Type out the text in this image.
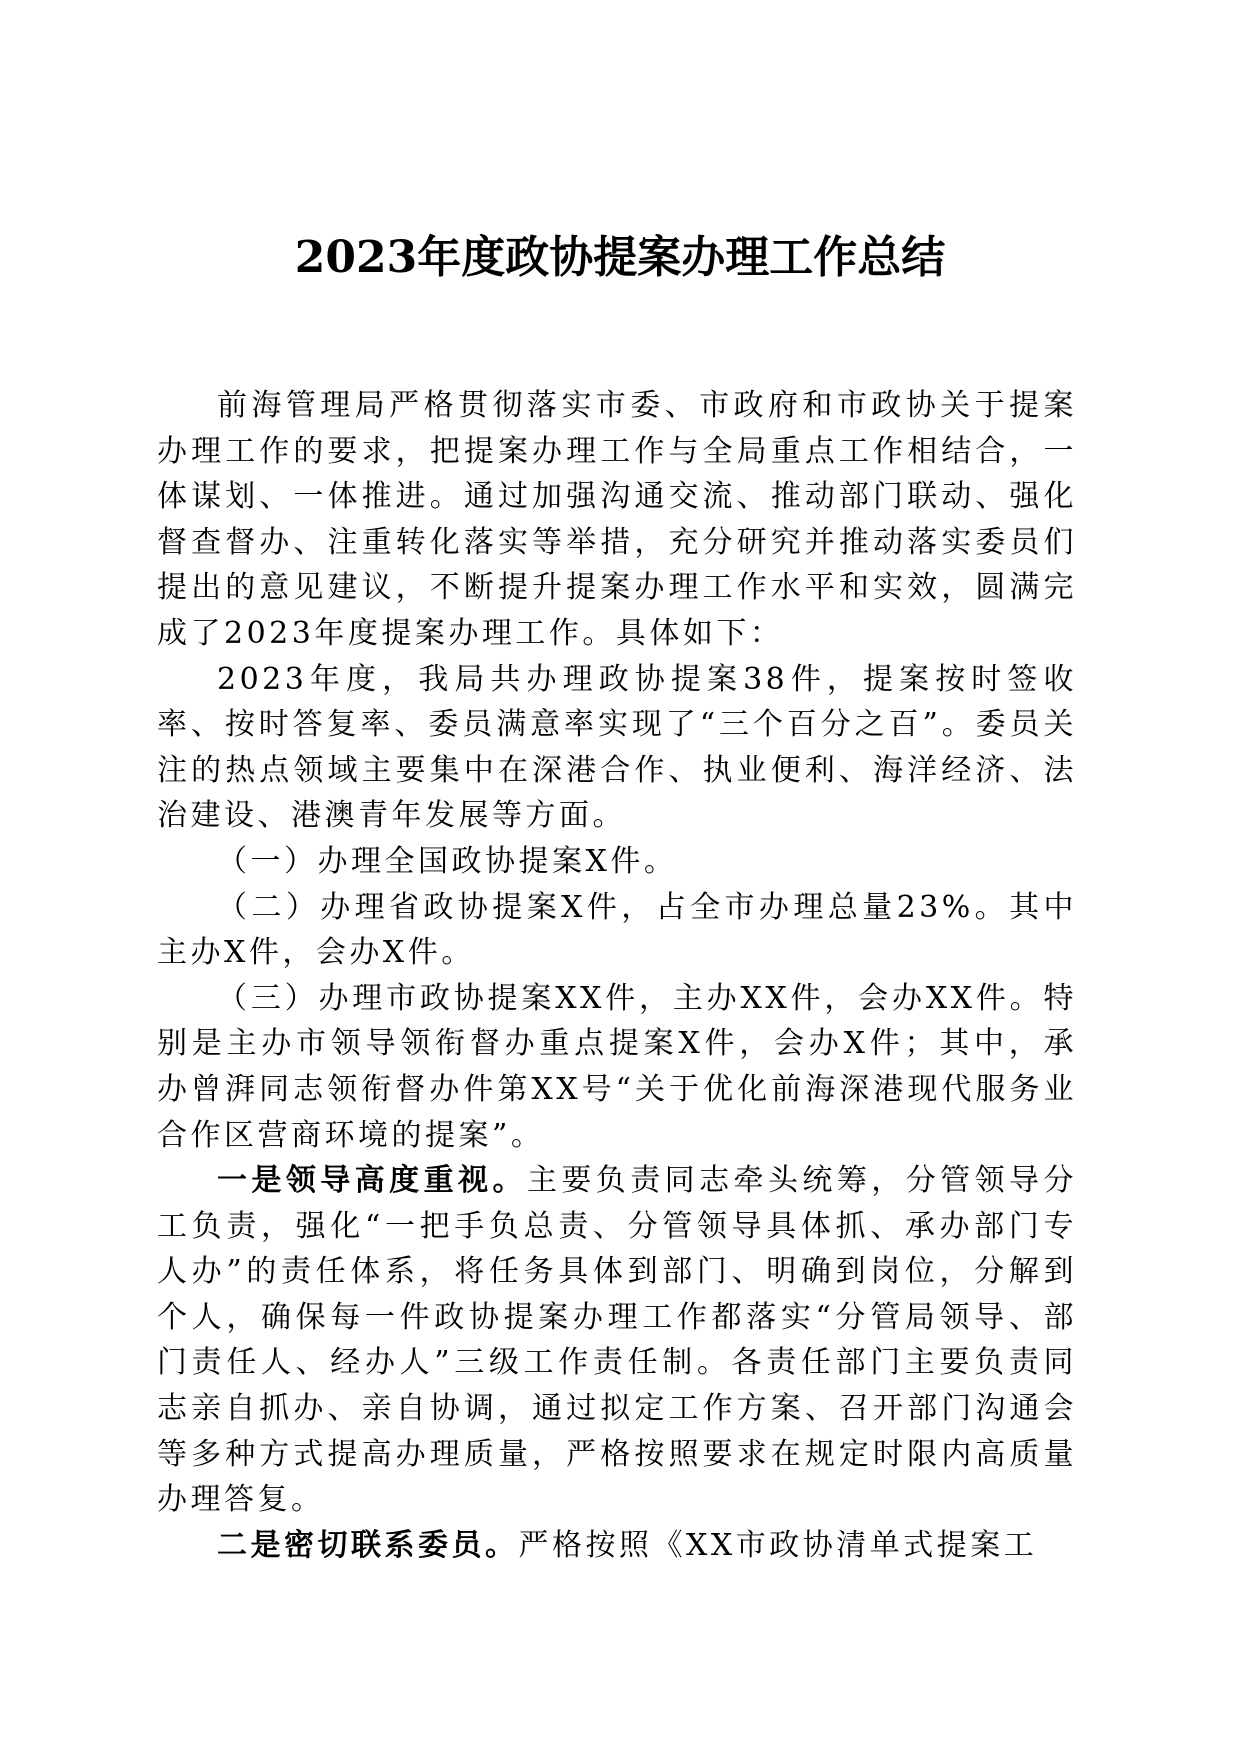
2023年度政协提案办理工作总结

前海管理局严格贯彻落实市委、市政府和市政协关于提案办理工作的要求，把提案办理工作与全局重点工作相结合，一体谋划、一体推进。通过加强沟通交流、推动部门联动、强化督查督办、注重转化落实等举措，充分研究并推动落实委员们提出的意见建议，不断提升提案办理工作水平和实效，圆满完成了2023年度提案办理工作。具体如下：

2023年度，我局共办理政协提案38件，提案按时签收率、按时答复率、委员满意率实现了“三个百分之百”。委员关注的热点领域主要集中在深港合作、执业便利、海洋经济、法治建设、港澳青年发展等方面。

（一）办理全国政协提案X件。

（二）办理省政协提案X件，占全市办理总量23%。其中主办X件，会办X件。

（三）办理市政协提案XX件，主办XX件，会办XX件。特别是主办市领导领衔督办重点提案X件，会办X件；其中，承办曾湃同志领衔督办件第XX号“关于优化前海深港现代服务业合作区营商环境的提案”。

一是领导高度重视。主要负责同志牵头统筹，分管领导分工负责，强化“一把手负总责、分管领导具体抓、承办部门专人办”的责任体系，将任务具体到部门、明确到岗位，分解到个人，确保每一件政协提案办理工作都落实“分管局领导、部门责任人、经办人”三级工作责任制。各责任部门主要负责同志亲自抓办、亲自协调，通过拟定工作方案、召开部门沟通会等多种方式提高办理质量，严格按照要求在规定时限内高质量办理答复。

二是密切联系委员。严格按照《XX市政协清单式提案工
